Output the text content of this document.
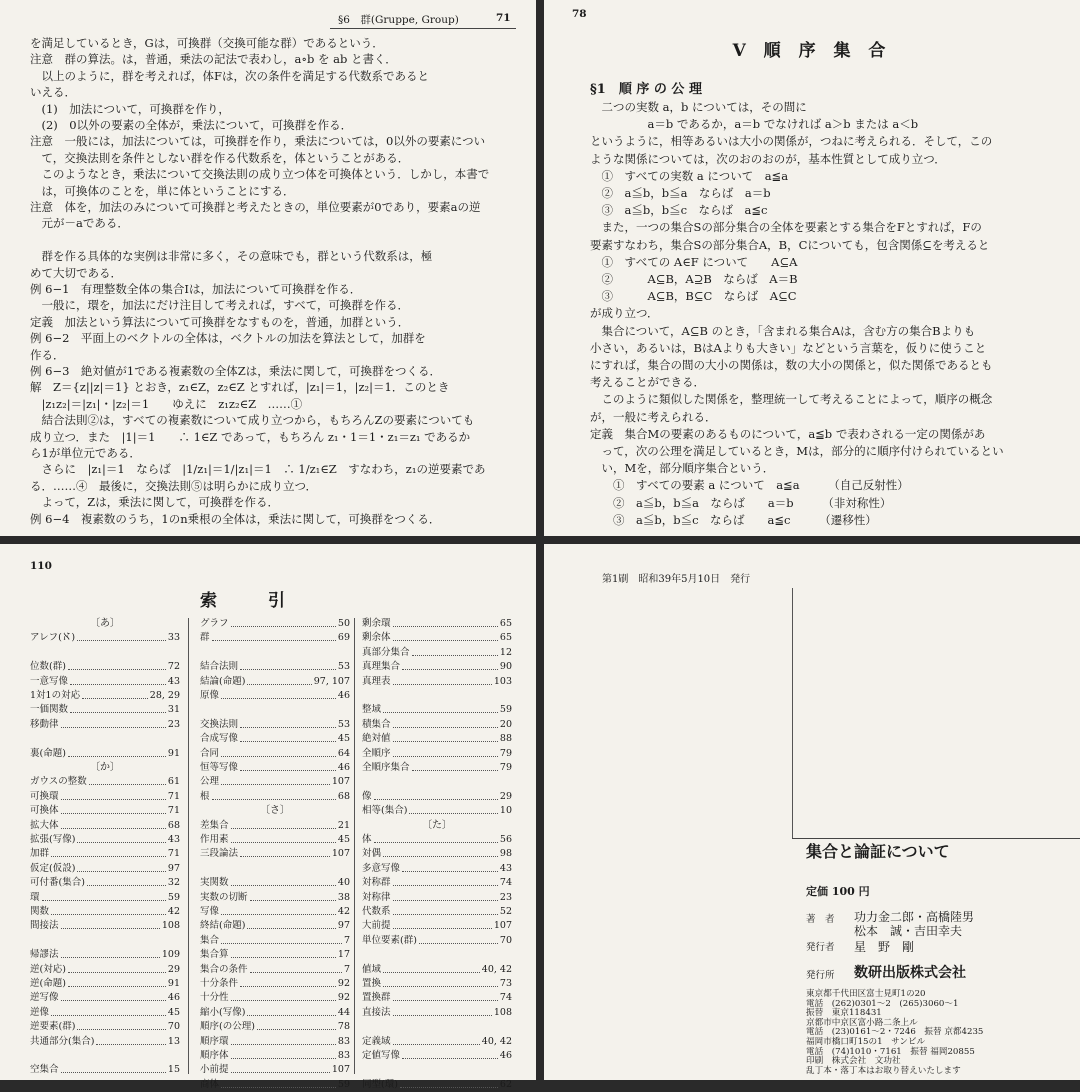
§6　群(Gruppe, Group)	71
を満足しているとき，Gは，可換群（交換可能な群）であるという．
注意　群の算法。は，普通，乗法の記法で表わし，a∘b を ab と書く．
　以上のように，群を考えれば，体Fは，次の条件を満足する代数系であると
いえる．
　(1)　加法について，可換群を作り，
　(2)　0以外の要素の全体が，乗法について，可換群を作る．
注意　一般には，加法については，可換群を作り，乗法については，0以外の要素につい
　て，交換法則を条件としない群を作る代数系を，体ということがある．
　このようなとき，乗法について交換法則の成り立つ体を可換体という．しかし，本書で
　は，可換体のことを，単に体ということにする．
注意　体を，加法のみについて可換群と考えたときの，単位要素が0であり，要素aの逆
　元が－aである．
　群を作る具体的な実例は非常に多く，その意味でも，群という代数系は，極
めて大切である．
例 6−1　有理整数全体の集合Iは，加法について可換群を作る．
　一般に，環を，加法にだけ注目して考えれば，すべて，可換群を作る．
定義　加法という算法について可換群をなすものを，普通，加群という．
例 6−2　平面上のベクトルの全体は，ベクトルの加法を算法として，加群を
作る．
例 6−3　絶対値が1である複素数の全体Zは，乗法に関して，可換群をつくる．
解　Z＝{z||z|＝1} とおき，z₁∈Z，z₂∈Z とすれば，|z₁|＝1，|z₂|＝1．このとき
　|z₁z₂|＝|z₁|・|z₂|＝1　　ゆえに　z₁z₂∈Z　……①
　結合法則②は，すべての複素数について成り立つから，もちろんZの要素についても
成り立つ．また　|1|＝1　　∴ 1∈Z であって，もちろん z₁・1＝1・z₁＝z₁ であるか
ら1が単位元である．
　さらに　|z₁|＝1　ならば　|1/z₁|＝1/|z₁|＝1　∴ 1/z₁∈Z　すなわち，z₁の逆要素であ
る．……④　最後に，交換法則⑤は明らかに成り立つ．
　よって，Zは，乗法に関して，可換群を作る．
例 6−4　複素数のうち，1のn乗根の全体は，乗法に関して，可換群をつくる．
78
Ⅴ 順 序 集 合
§1　順 序 の 公 理
　二つの実数 a，b については，その間に
　　　　　a＝b であるか，a＝b でなければ a＞b または a＜b
というように，相等あるいは大小の関係が，つねに考えられる．そして，この
ような関係については，次のおのおのが，基本性質として成り立つ．
　①　すべての実数 a について　a≦a
　②　a≦b，b≦a　ならば　a＝b
　③　a≦b，b≦c　ならば　a≦c
　また，一つの集合Sの部分集合の全体を要素とする集合をFとすれば，Fの
要素すなわち，集合Sの部分集合A，B，Cについても，包含関係⊆を考えると
　①　すべての A∈F について　　A⊆A
　②　　　A⊆B，A⊇B　ならば　A＝B
　③　　　A⊆B，B⊆C　ならば　A⊆C
が成り立つ．
　集合について，A⊆B のとき，「含まれる集合Aは，含む方の集合Bよりも
小さい，あるいは，BはAよりも大きい」などという言葉を，仮りに使うこと
にすれば，集合の間の大小の関係は，数の大小の関係と，似た関係であるとも
考えることができる．
　このように類似した関係を，整理統一して考えることによって，順序の概念
が，一般に考えられる．
定義　集合Mの要素のあるものについて，a≦b で表わされる一定の関係があ
　って，次の公理を満足しているとき，Mは，部分的に順序付けられているとい
　い，Mを，部分順序集合という．
　　①　すべての要素 a について　a≦a　　　（自己反射性）
　　②　a≦b，b≦a　ならば　　a＝b　　　（非対称性）
　　③　a≦b，b≦c　ならば　　a≦c　　　（遷移性）
110
索　　　引
〔あ〕
アレフ(ℵ)	33
位数(群)	72
一意写像	43
1対1の対応	28, 29
一価関数	31
移動律	23
裏(命題)	91
〔か〕
ガウスの整数	61
可換環	71
可換体	71
拡大体	68
拡張(写像)	43
加群	71
仮定(仮設)	97
可付番(集合)	32
環	59
関数	42
間接法	108
帰謬法	109
逆(対応)	29
逆(命題)	91
逆写像	46
逆像	45
逆要素(群)	70
共通部分(集合)	13
空集合	15
グラフ	50
群	69
結合法則	53
結論(命題)	97, 107
原像	46
交換法則	53
合成写像	45
合同	64
恒等写像	46
公理	107
根	68
〔さ〕
差集合	21
作用素	45
三段論法	107
実関数	40
実数の切断	38
写像	42
終結(命題)	97
集合	7
集合算	17
集合の条件	7
十分条件	92
十分性	92
縮小(写像)	44
順序(の公理)	78
順序環	83
順序体	83
小前提	107
商体	59
剰余環	65
剰余体	65
真部分集合	12
真理集合	90
真理表	103
整域	59
積集合	20
絶対値	88
全順序	79
全順序集合	79
像	29
相等(集合)	10
〔た〕
体	56
対偶	98
多意写像	43
対称群	74
対称律	23
代数系	52
大前提	107
単位要素(群)	70
値域	40, 42
置換	73
置換群	74
直接法	108
定義域	40, 42
定値写像	46
同型(環)	62
第1刷　昭和39年5月10日　発行
集合と論証について
定価 100 円
著　者 功力金二郎・高橋陸男
松本　誠・吉田幸夫
発行者 星　野　剛
発行所 数研出版株式会社
東京都千代田区富士見町1の20
電話　(262)0301～2　(265)3060～1
振替　東京118431
京都市中京区富小路二条上ル
電話　(23)0161～2・7246　振替 京都4235
福岡市橋口町15の1　サンビル
電話　(74)1010・7161　振替 福岡20855
印刷　株式会社　文功社
乱丁本・落丁本はお取り替えいたします
